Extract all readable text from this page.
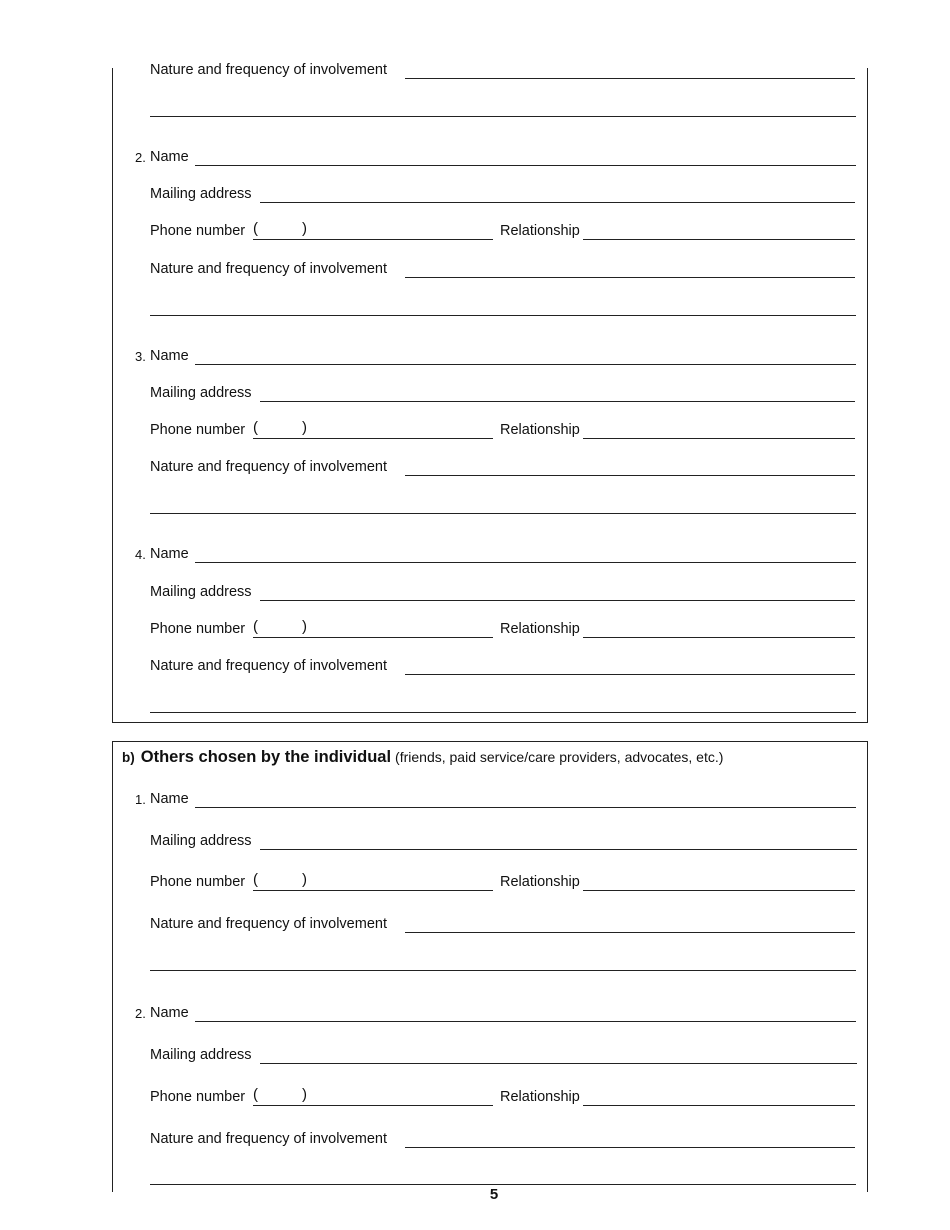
Nature and frequency of involvement
2. Name
Mailing address
Phone number (	)	Relationship
Nature and frequency of involvement
3. Name
Mailing address
Phone number (	)	Relationship
Nature and frequency of involvement
4. Name
Mailing address
Phone number (	)	Relationship
Nature and frequency of involvement
b) Others chosen by the individual (friends, paid service/care providers, advocates, etc.)
1. Name
Mailing address
Phone number (	)	Relationship
Nature and frequency of involvement
2. Name
Mailing address
Phone number (	)	Relationship
Nature and frequency of involvement
5
